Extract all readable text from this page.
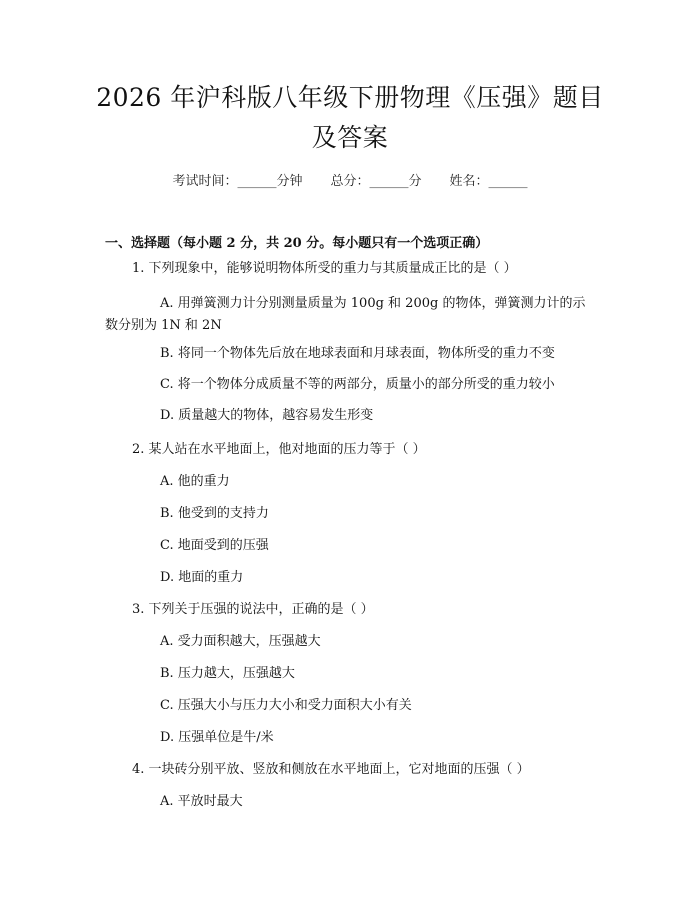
2026 年沪科版八年级下册物理《压强》题目
及答案
考试时间：______分钟 总分：______分 姓名：______
一、选择题（每小题 2 分，共 20 分。每小题只有一个选项正确）
1. 下列现象中，能够说明物体所受的重力与其质量成正比的是（ ）
A. 用弹簧测力计分别测量质量为 100g 和 200g 的物体，弹簧测力计的示数分别为 1N 和 2N
B. 将同一个物体先后放在地球表面和月球表面，物体所受的重力不变
C. 将一个物体分成质量不等的两部分，质量小的部分所受的重力较小
D. 质量越大的物体，越容易发生形变
2. 某人站在水平地面上，他对地面的压力等于（ ）
A. 他的重力
B. 他受到的支持力
C. 地面受到的压强
D. 地面的重力
3. 下列关于压强的说法中，正确的是（ ）
A. 受力面积越大，压强越大
B. 压力越大，压强越大
C. 压强大小与压力大小和受力面积大小有关
D. 压强单位是牛/米
4. 一块砖分别平放、竖放和侧放在水平地面上，它对地面的压强（ ）
A. 平放时最大
